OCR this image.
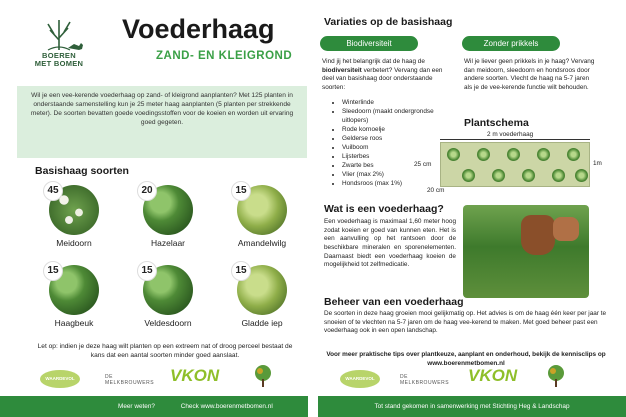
BOEREN
MET BOMEN
Voederhaag
ZAND- EN KLEIGROND
Wil je een vee-kerende voederhaag op zand- of kleigrond aanplanten? Met 125 planten in onderstaande samenstelling kun je 25 meter haag aanplanten (5 planten per strekkende meter). De soorten bevatten goede voedingsstoffen voor de koeien en worden uit ervaring goed gegeten.
Basishaag soorten
45
Meidoorn
20
Hazelaar
15
Amandelwilg
15
Haagbeuk
15
Veldesdoorn
15
Gladde iep
Let op: indien je deze haag wilt planten op een extreem nat of droog perceel bestaat de kans dat een aantal soorten minder goed aanslaat.
WAARDEVOL	DE MELKBROUWERS VKON
Meer weten?	Check www.boerenmetbomen.nl
Variaties op de basishaag
Biodiversiteit	Zonder prikkels
Vind jij het belangrijk dat de haag de biodiversiteit verbetert? Vervang dan een deel van basishaag door onderstaande soorten:
• Winterlinde
• Sleedoorn (maakt ondergrondse uitlopers)
• Rode kornoelje
• Gelderse roos
• Vuilboom
• Lijsterbes
• Zwarte bes
• Vlier (max 2%)
• Hondsroos (max 1%)
Wil je liever geen prikkels in je haag? Vervang dan meidoorn, sleedoorn en hondsroos door andere soorten. Vlecht de haag na 5-7 jaren als je de vee-kerende functie wilt behouden.
Plantschema
2 m voederhaag
25 cm	1m
20 cm
Wat is een voederhaag?
Een voederhaag is maximaal 1,60 meter hoog zodat koeien er goed van kunnen eten. Het is een aanvulling op het rantsoen door de beschikbare mineralen en sporenelementen. Daarnaast biedt een voederhaag koeien de mogelijkheid tot zelfmedicatie.
Beheer van een voederhaag
De soorten in deze haag groeien mooi gelijkmatig op. Het advies is om de haag één keer per jaar te snoeien of te vlechten na 5-7 jaren om de haag vee-kerend te maken. Met goed beheer past een voederhaag ook in een open landschap.
Voor meer praktische tips over plantkeuze, aanplant en onderhoud, bekijk de kennisclips op www.boerenmetbomen.nl
WAARDEVOL	DE MELKBROUWERS VKON
Tot stand gekomen in samenwerking met Stichting Heg & Landschap
